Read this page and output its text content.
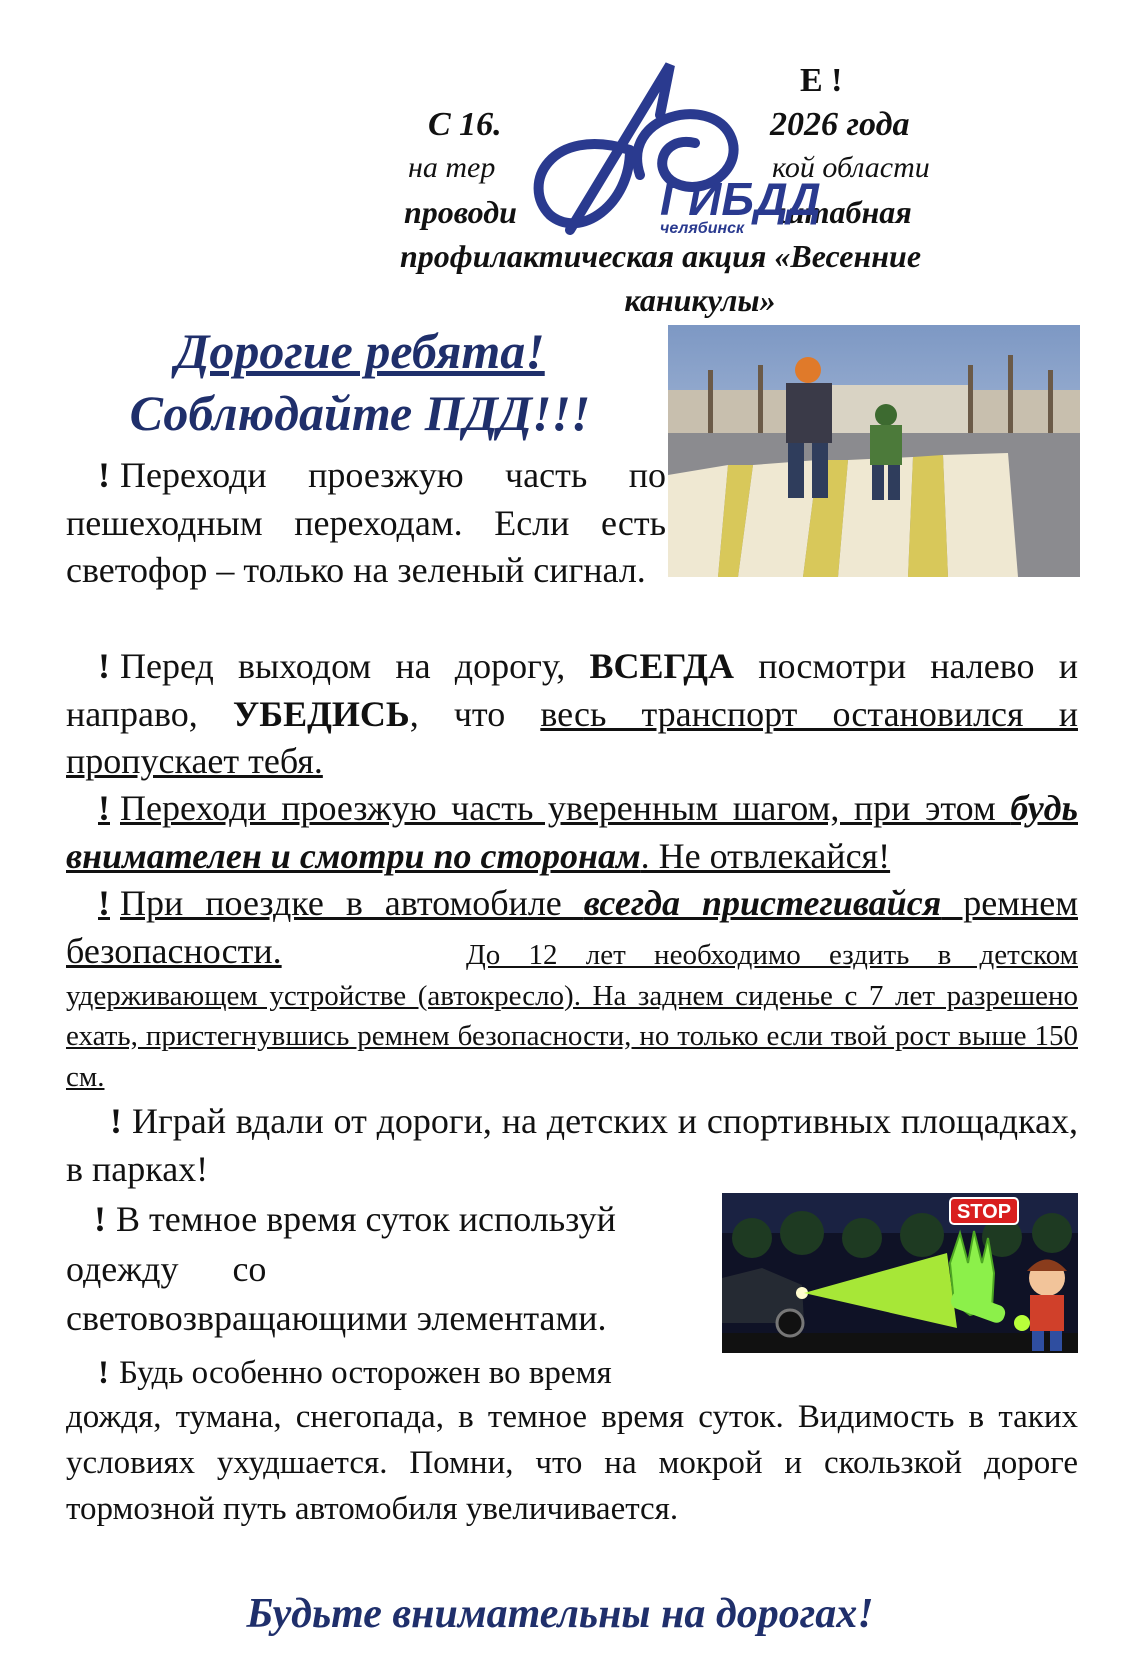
Е !
С 16.	2026 года
на тер	кой области
проводи	штабная
профилактическая акция «Весенние
каникулы»
ГИБДД
челябинск
Дорогие ребята!
Соблюдайте ПДД!!!
! Переходи проезжую часть по пешеходным переходам. Если есть светофор – только на зеленый сигнал.
! Перед выходом на дорогу, ВСЕГДА посмотри налево и направо, УБЕДИСЬ, что весь транспорт остановился и пропускает тебя.
! Переходи проезжую часть уверенным шагом, при этом будь внимателен и смотри по сторонам. Не отвлекайся!
! При поездке в автомобиле всегда пристегивайся ремнем безопасности.	До 12 лет необходимо ездить в детском удерживающем устройстве (автокресло). На заднем сиденье с 7 лет разрешено ехать, пристегнувшись ремнем безопасности, но только если твой рост выше 150 см.
! Играй вдали от дороги, на детских и спортивных площадках, в парках!
! В темное время суток используй
одежду      со
световозвращающими элементами.
STOP
! Будь особенно осторожен во время
дождя, тумана, снегопада, в темное время суток. Видимость в таких условиях ухудшается. Помни, что на мокрой и скользкой дороге тормозной путь автомобиля увеличивается.
Будьте внимательны на дорогах!
